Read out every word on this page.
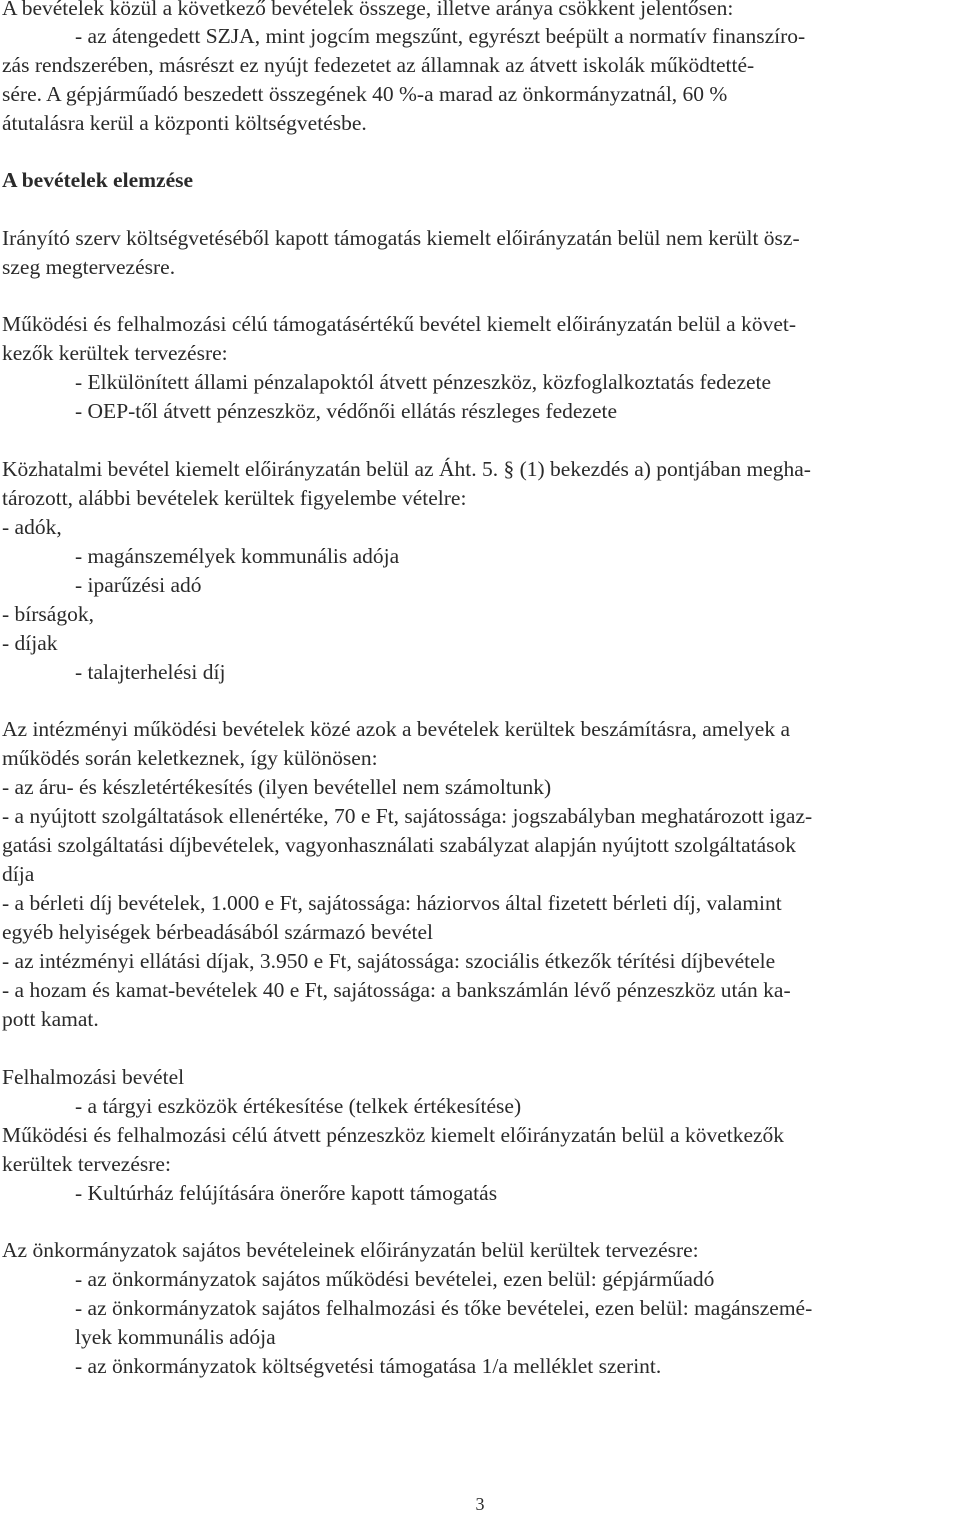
A bevételek közül a következő bevételek összege, illetve aránya csökkent jelentősen:
- az átengedett SZJA, mint jogcím megszűnt, egyrészt beépült a normatív finanszíro-
zás rendszerében, másrészt ez nyújt fedezetet az államnak az átvett iskolák működtetté-
sére. A gépjárműadó beszedett összegének 40 %-a marad az önkormányzatnál, 60 %
átutalásra kerül a központi költségvetésbe.
A bevételek elemzése
Irányító szerv költségvetéséből kapott támogatás kiemelt előirányzatán belül nem került ösz-
szeg megtervezésre.
Működési és felhalmozási célú támogatásértékű bevétel kiemelt előirányzatán belül a követ-
kezők kerültek tervezésre:
- Elkülönített állami pénzalapoktól átvett pénzeszköz, közfoglalkoztatás fedezete
- OEP-től átvett pénzeszköz, védőnői ellátás részleges fedezete
Közhatalmi bevétel kiemelt előirányzatán belül az Áht. 5. § (1) bekezdés a) pontjában megha-
tározott, alábbi bevételek kerültek figyelembe vételre:
- adók,
- magánszemélyek kommunális adója
- iparűzési adó
- bírságok,
- díjak
- talajterhelési díj
Az intézményi működési bevételek közé azok a bevételek kerültek beszámításra, amelyek a
működés során keletkeznek, így különösen:
- az áru- és készletértékesítés (ilyen bevétellel nem számoltunk)
- a nyújtott szolgáltatások ellenértéke, 70 e Ft, sajátossága: jogszabályban meghatározott igaz-
gatási szolgáltatási díjbevételek, vagyonhasználati szabályzat alapján nyújtott szolgáltatások
díja
- a bérleti díj bevételek, 1.000 e Ft, sajátossága: háziorvos által fizetett bérleti díj, valamint
egyéb helyiségek bérbeadásából származó bevétel
- az intézményi ellátási díjak, 3.950 e Ft, sajátossága: szociális étkezők térítési díjbevétele
- a hozam és kamat-bevételek 40 e Ft, sajátossága: a bankszámlán lévő pénzeszköz után ka-
pott kamat.
Felhalmozási bevétel
- a tárgyi eszközök értékesítése (telkek értékesítése)
Működési és felhalmozási célú átvett pénzeszköz kiemelt előirányzatán belül a következők
kerültek tervezésre:
- Kultúrház felújítására önerőre kapott támogatás
Az önkormányzatok sajátos bevételeinek előirányzatán belül kerültek tervezésre:
- az önkormányzatok sajátos működési bevételei, ezen belül: gépjárműadó
- az önkormányzatok sajátos felhalmozási és tőke bevételei, ezen belül: magánszemé-
lyek kommunális adója
- az önkormányzatok költségvetési támogatása 1/a melléklet szerint.
3
